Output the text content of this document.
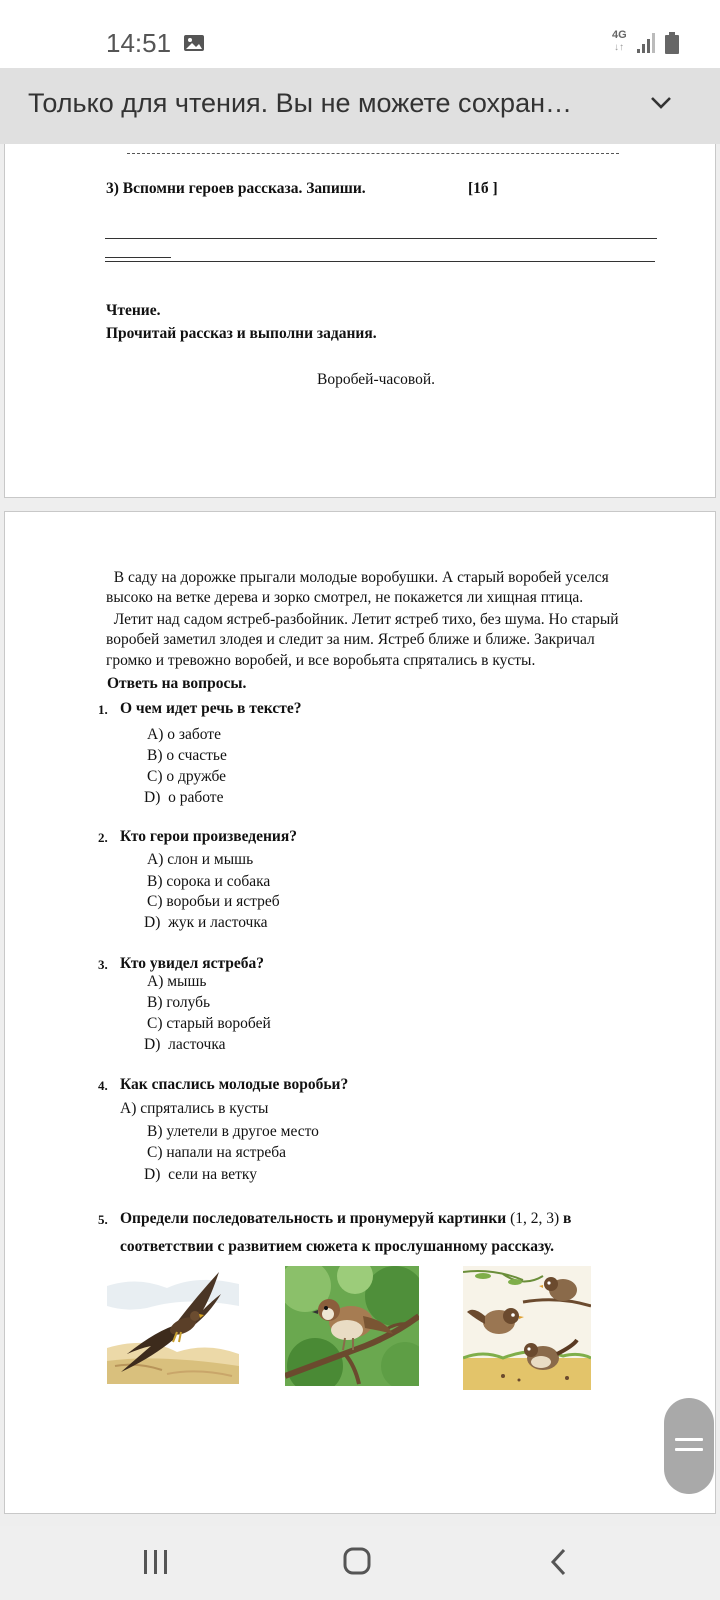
14:51	4G
↓↑
Только для чтения. Вы не можете сохран…
3) Вспомни героев рассказа. Запиши.	[1б ]
Чтение.
Прочитай рассказ и выполни задания.
Воробей-часовой.
В саду на дорожке прыгали молодые воробушки. А старый воробей уселся
высоко на ветке дерева и зорко смотрел, не покажется ли хищная птица.
Летит над садом ястреб-разбойник. Летит ястреб тихо, без шума. Но старый
воробей заметил злодея и следит за ним. Ястреб ближе и ближе. Закричал
громко и тревожно воробей, и все воробьята спрятались в кусты.
Ответь на вопросы.
1. О чем идет речь в тексте?
А) о заботе
В) о счастье
С) о дружбе
D)  о работе
2. Кто герои произведения?
А) слон и мышь
В) сорока и собака
С) воробьи и ястреб
D)  жук и ласточка
3. Кто увидел ястреба?
А) мышь
В) голубь
С) старый воробей
D)  ласточка
4. Как спаслись молодые воробьи?
А) спрятались в кусты
В) улетели в другое место
С) напали на ястреба
D)  сели на ветку
5. Определи последовательность и пронумеруй картинки (1, 2, 3) в
соответствии с развитием сюжета к прослушанному рассказу.
